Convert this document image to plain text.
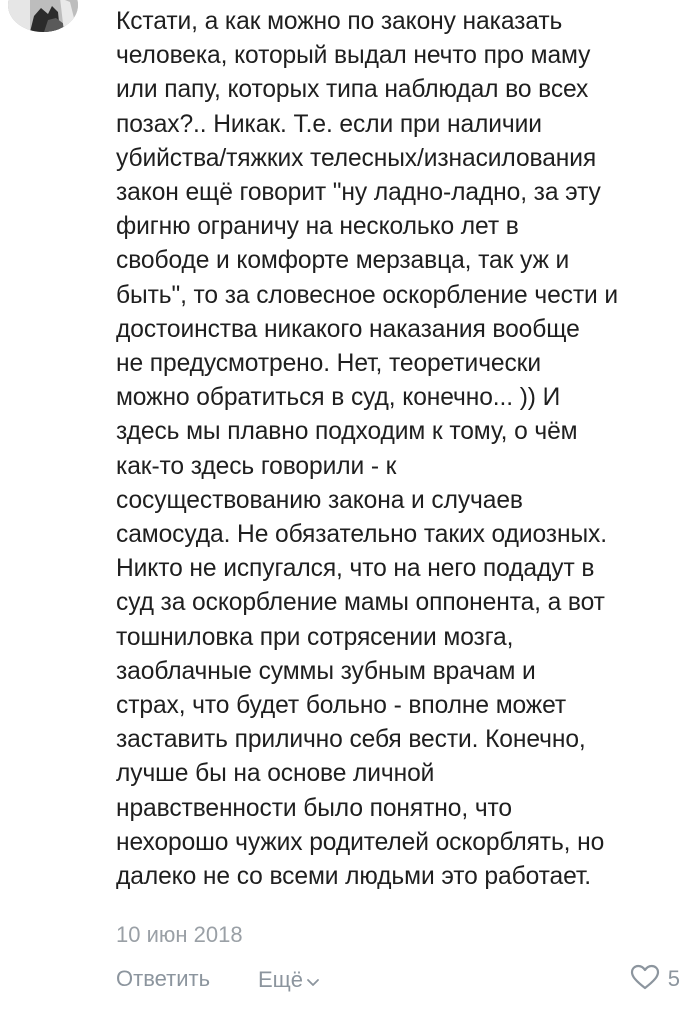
Кстати, а как можно по закону наказать
человека, который выдал нечто про маму
или папу, которых типа наблюдал во всех
позах?.. Никак. Т.е. если при наличии
убийства/тяжких телесных/изнасилования
закон ещё говорит "ну ладно-ладно, за эту
фигню ограничу на несколько лет в
свободе и комфорте мерзавца, так уж и
быть", то за словесное оскорбление чести и
достоинства никакого наказания вообще
не предусмотрено. Нет, теоретически
можно обратиться в суд, конечно... )) И
здесь мы плавно подходим к тому, о чём
как-то здесь говорили - к
сосуществованию закона и случаев
самосуда. Не обязательно таких одиозных.
Никто не испугался, что на него подадут в
суд за оскорбление мамы оппонента, а вот
тошниловка при сотрясении мозга,
заоблачные суммы зубным врачам и
страх, что будет больно - вполне может
заставить прилично себя вести. Конечно,
лучше бы на основе личной
нравственности было понятно, что
нехорошо чужих родителей оскорблять, но
далеко не со всеми людьми это работает.
10 июн 2018
Ответить Ещё	5
